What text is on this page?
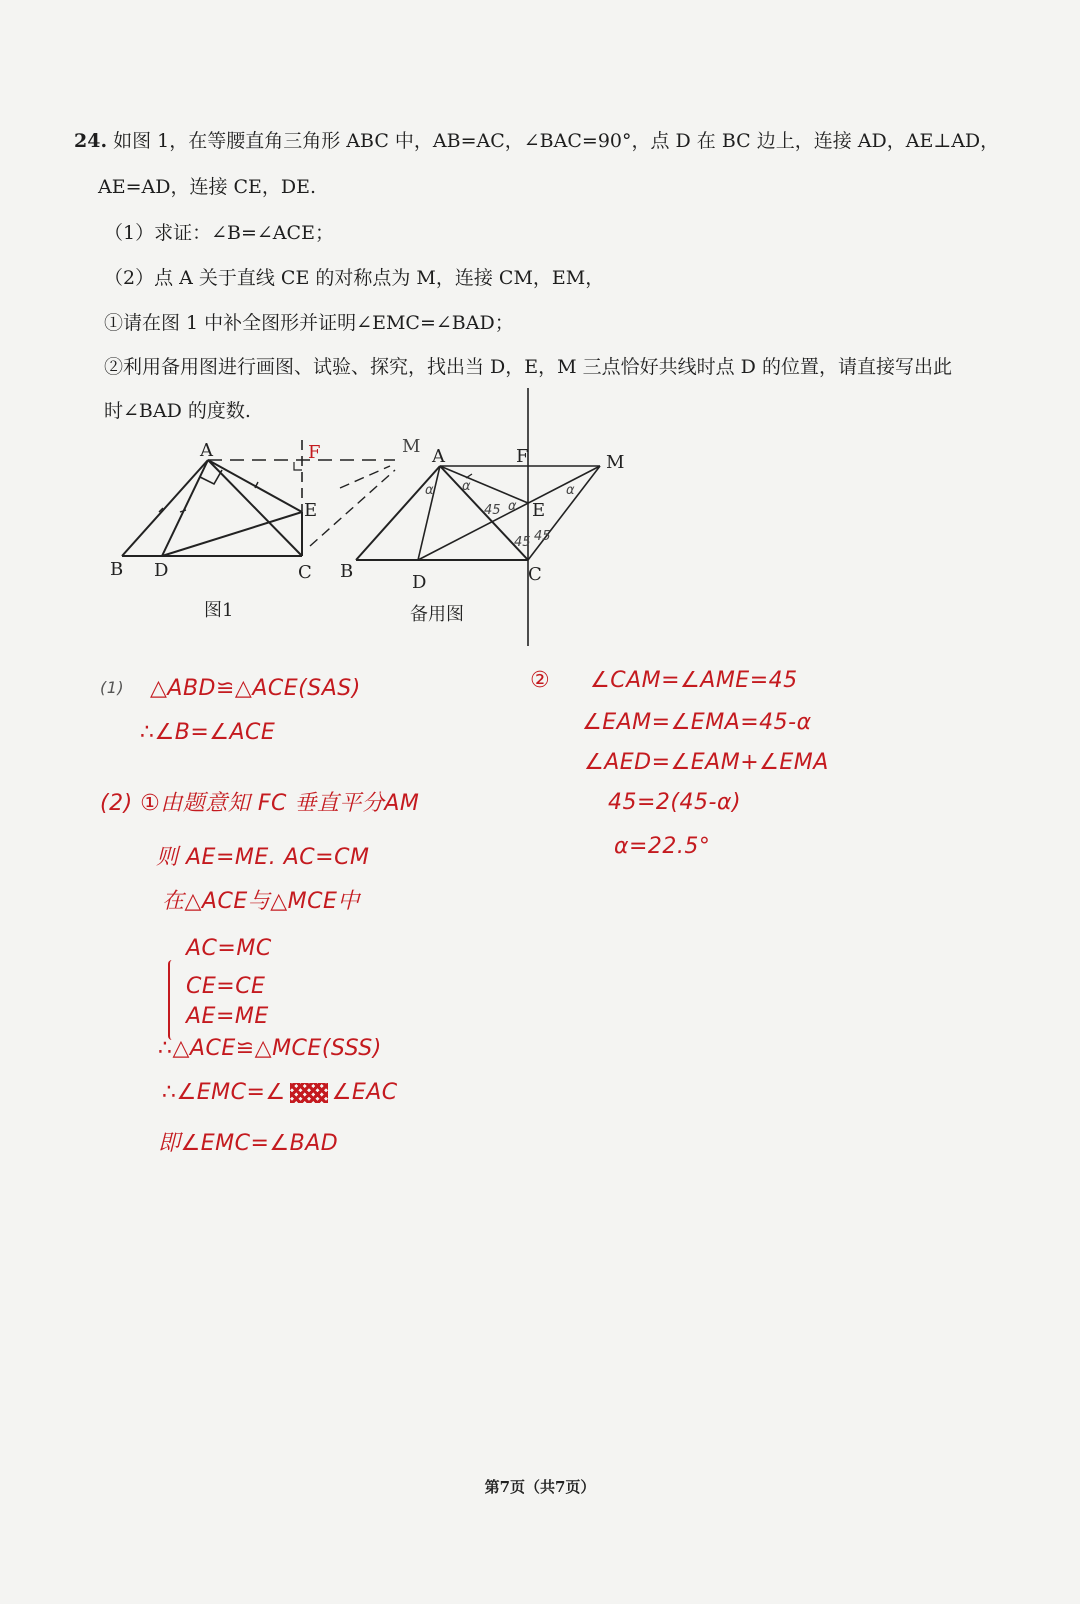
24. 如图 1，在等腰直角三角形 ABC 中，AB=AC，∠BAC=90°，点 D 在 BC 边上，连接 AD，AE⊥AD，
AE=AD，连接 CE，DE.
（1）求证：∠B=∠ACE；
（2）点 A 关于直线 CE 的对称点为 M，连接 CM，EM，
①请在图 1 中补全图形并证明∠EMC=∠BAD；
②利用备用图进行画图、试验、探究，找出当 D，E，M 三点恰好共线时点 D 的位置，请直接写出此
时∠BAD 的度数.
A
B	C
D
E
F	M A
B	C
D
E
F	M
α α
45 α
45 45
α
图1	备用图
(1) △ABD≌△ACE(SAS)
∴∠B=∠ACE
(2) ①由题意知 FC 垂直平分AM
则 AE=ME. AC=CM
在△ACE与△MCE中
AC=MC
CE=CE
AE=ME
∴△ACE≌△MCE(SSS)
∴∠EMC=∠ ∠EAC
即∠EMC=∠BAD
② ∠CAM=∠AME=45
∠EAM=∠EMA=45-α
∠AED=∠EAM+∠EMA
45=2(45-α)
α=22.5°
第7页（共7页）
